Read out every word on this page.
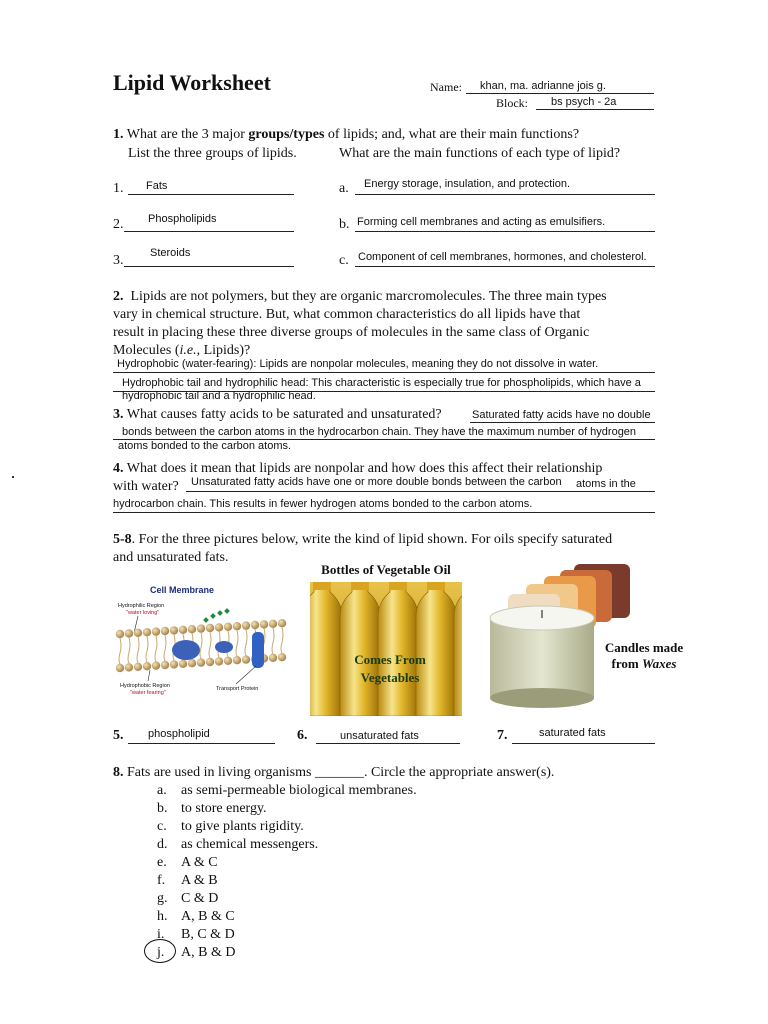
Lipid Worksheet	Name: khan, ma. adrianne jois g.
Block: bs psych - 2a
1. What are the 3 major groups/types of lipids; and, what are their main functions?
List the three groups of lipids.	What are the main functions of each type of lipid?
1. Fats
2. Phospholipids
3. Steroids
a. Energy storage, insulation, and protection.
b. Forming cell membranes and acting as emulsifiers.
c. Component of cell membranes, hormones, and cholesterol.
2. Lipids are not polymers, but they are organic marcromolecules. The three main types
vary in chemical structure. But, what common characteristics do all lipids have that
result in placing these three diverse groups of molecules in the same class of Organic
Molecules (i.e., Lipids)?
Hydrophobic (water-fearing): Lipids are nonpolar molecules, meaning they do not dissolve in water.
Hydrophobic tail and hydrophilic head: This characteristic is especially true for phospholipids, which have a
hydrophobic tail and a hydrophilic head.
3. What causes fatty acids to be saturated and unsaturated?	Saturated fatty acids have no double
bonds between the carbon atoms in the hydrocarbon chain. They have the maximum number of hydrogen
atoms bonded to the carbon atoms.
4. What does it mean that lipids are nonpolar and how does this affect their relationship
with water?	Unsaturated fatty acids have one or more double bonds between the carbon atoms in the
hydrocarbon chain. This results in fewer hydrogen atoms bonded to the carbon atoms.
5-8. For the three pictures below, write the kind of lipid shown. For oils specify saturated
and unsaturated fats.
Cell Membrane
Hydrophilic Region
"water loving"
Hydrophobic Region
"water fearing"
Transport Protein
Bottles of Vegetable Oil
Comes From
Vegetables
Candles made
from Waxes
5. phospholipid	6.	unsaturated fats	7.	saturated fats
8. Fats are used in living organisms _______. Circle the appropriate answer(s).
a. as semi-permeable biological membranes.
b. to store energy.
c. to give plants rigidity.
d. as chemical messengers.
e. A & C
f. A & B
g. C & D
h. A, B & C
i. B, C & D
j. A, B & D
